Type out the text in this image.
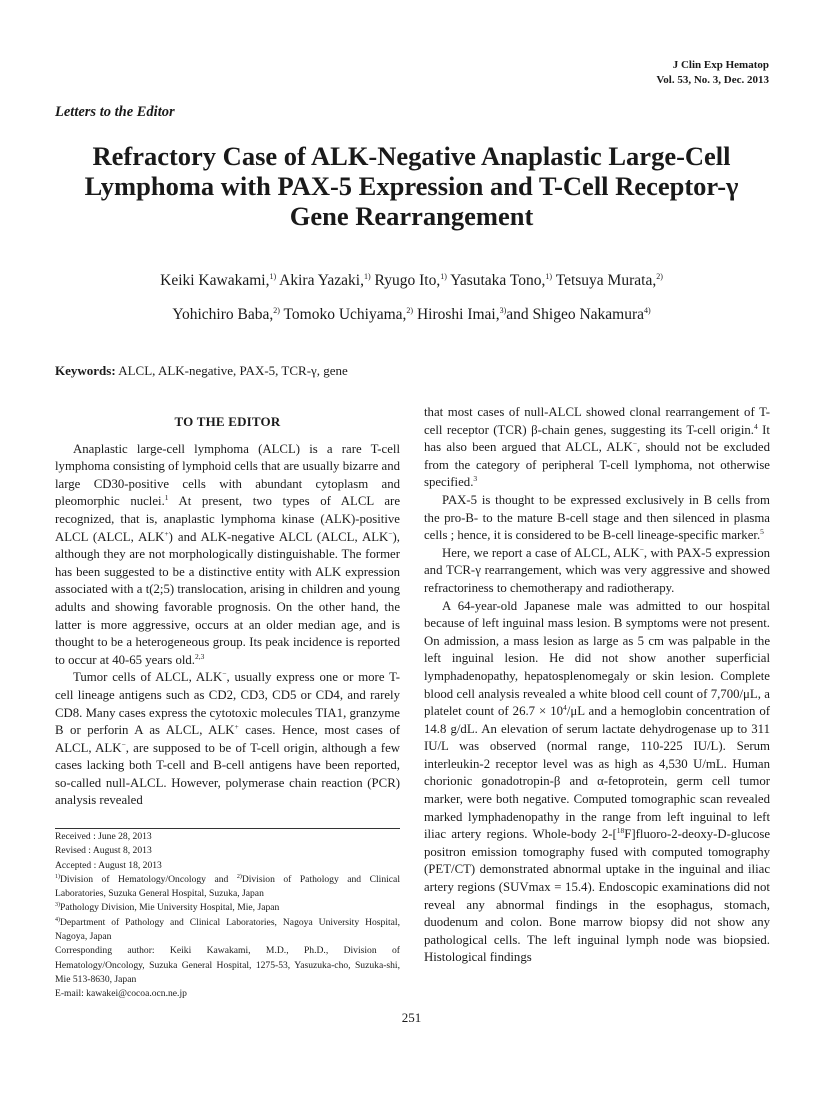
J Clin Exp Hematop
Vol. 53, No. 3, Dec. 2013
Letters to the Editor
Refractory Case of ALK-Negative Anaplastic Large-Cell
Lymphoma with PAX-5 Expression and T-Cell Receptor-γ
Gene Rearrangement
Keiki Kawakami,$^{1)}$ Akira Yazaki,$^{1)}$ Ryugo Ito,$^{1)}$ Yasutaka Tono,$^{1)}$ Tetsuya Murata,$^{2)}$
Yohichiro Baba,$^{2)}$ Tomoko Uchiyama,$^{2)}$ Hiroshi Imai,$^{3)}$and Shigeo Nakamura$^{4)}$
Keywords: ALCL, ALK-negative, PAX-5, TCR-γ, gene
TO THE EDITOR

Anaplastic large-cell lymphoma (ALCL) is a rare T-cell lymphoma consisting of lymphoid cells that are usually bizarre and large CD30-positive cells with abundant cytoplasm and pleomorphic nuclei.$^1$ At present, two types of ALCL are recognized, that is, anaplastic lymphoma kinase (ALK)-positive ALCL (ALCL, ALK+) and ALK-negative ALCL (ALCL, ALK−), although they are not morphologically distinguishable. The former has been suggested to be a distinctive entity with ALK expression associated with a t(2;5) translocation, arising in children and young adults and showing favorable prognosis. On the other hand, the latter is more aggressive, occurs at an older median age, and is thought to be a heterogeneous group. Its peak incidence is reported to occur at 40-65 years old.$^{2,3}$

Tumor cells of ALCL, ALK−, usually express one or more T-cell lineage antigens such as CD2, CD3, CD5 or CD4, and rarely CD8. Many cases express the cytotoxic molecules TIA1, granzyme B or perforin A as ALCL, ALK+ cases. Hence, most cases of ALCL, ALK−, are supposed to be of T-cell origin, although a few cases lacking both T-cell and B-cell antigens have been reported, so-called null-ALCL. However, polymerase chain reaction (PCR) analysis revealed

that most cases of null-ALCL showed clonal rearrangement of T-cell receptor (TCR) β-chain genes, suggesting its T-cell origin.$^4$ It has also been argued that ALCL, ALK−, should not be excluded from the category of peripheral T-cell lymphoma, not otherwise specified.$^3$

PAX-5 is thought to be expressed exclusively in B cells from the pro-B- to the mature B-cell stage and then silenced in plasma cells ; hence, it is considered to be B-cell lineage-specific marker.$^5$

Here, we report a case of ALCL, ALK−, with PAX-5 expression and TCR-γ rearrangement, which was very aggressive and showed refractoriness to chemotherapy and radiotherapy.

A 64-year-old Japanese male was admitted to our hospital because of left inguinal mass lesion. B symptoms were not present. On admission, a mass lesion as large as 5 cm was palpable in the left inguinal lesion. He did not show another superficial lymphadenopathy, hepatosplenomegaly or skin lesion. Complete blood cell analysis revealed a white blood cell count of 7,700/μL, a platelet count of $26.7 \times 10^4/\mu L$ and a hemoglobin concentration of 14.8 g/dL. An elevation of serum lactate dehydrogenase up to 311 IU/L was observed (normal range, 110-225 IU/L). Serum interleukin-2 receptor level was as high as 4,530 U/mL. Human chorionic gonadotropin-β and α-fetoprotein, germ cell tumor marker, were both negative. Computed tomographic scan revealed marked lymphadenopathy in the range from left inguinal to left iliac artery regions. Whole-body 2-[$^{18}$F]fluoro-2-deoxy-D-glucose positron emission tomography fused with computed tomography (PET/CT) demonstrated abnormal uptake in the inguinal and iliac artery regions (SUVmax = 15.4). Endoscopic examinations did not reveal any abnormal findings in the esophagus, stomach, duodenum and colon. Bone marrow biopsy did not show any pathological cells. The left inguinal lymph node was biopsied. Histological findings

Received : June 28, 2013
Revised : August 8, 2013
Accepted : August 18, 2013
$^{1)}$Division of Hematology/Oncology and $^{2)}$Division of Pathology and Clinical Laboratories, Suzuka General Hospital, Suzuka, Japan
$^{3)}$Pathology Division, Mie University Hospital, Mie, Japan
$^{4)}$Department of Pathology and Clinical Laboratories, Nagoya University Hospital, Nagoya, Japan
Corresponding author: Keiki Kawakami, M.D., Ph.D., Division of Hematology/Oncology, Suzuka General Hospital, 1275-53, Yasuzuka-cho, Suzuka-shi, Mie 513-8630, Japan
E-mail: kawakei@cocoa.ocn.ne.jp
251
